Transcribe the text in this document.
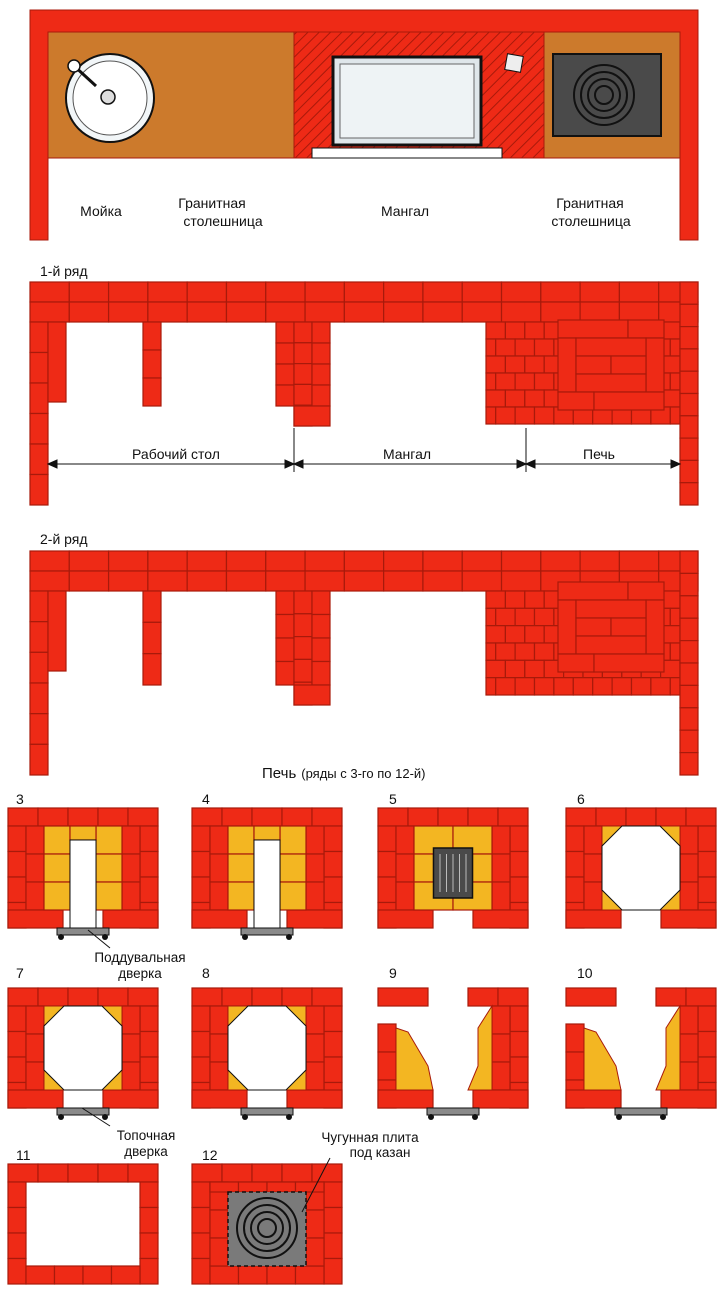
Мойка	Гранитная
столешница
Мангал	Гранитная
столешница
1-й ряд
Рабочий стол	Мангал	Печь
2-й ряд
Печь (ряды с 3-го по 12-й)
3	4	5	6
7	8	9	10
11	12
Поддувальная
дверка
Топочная
дверка
Чугунная плита
под казан
